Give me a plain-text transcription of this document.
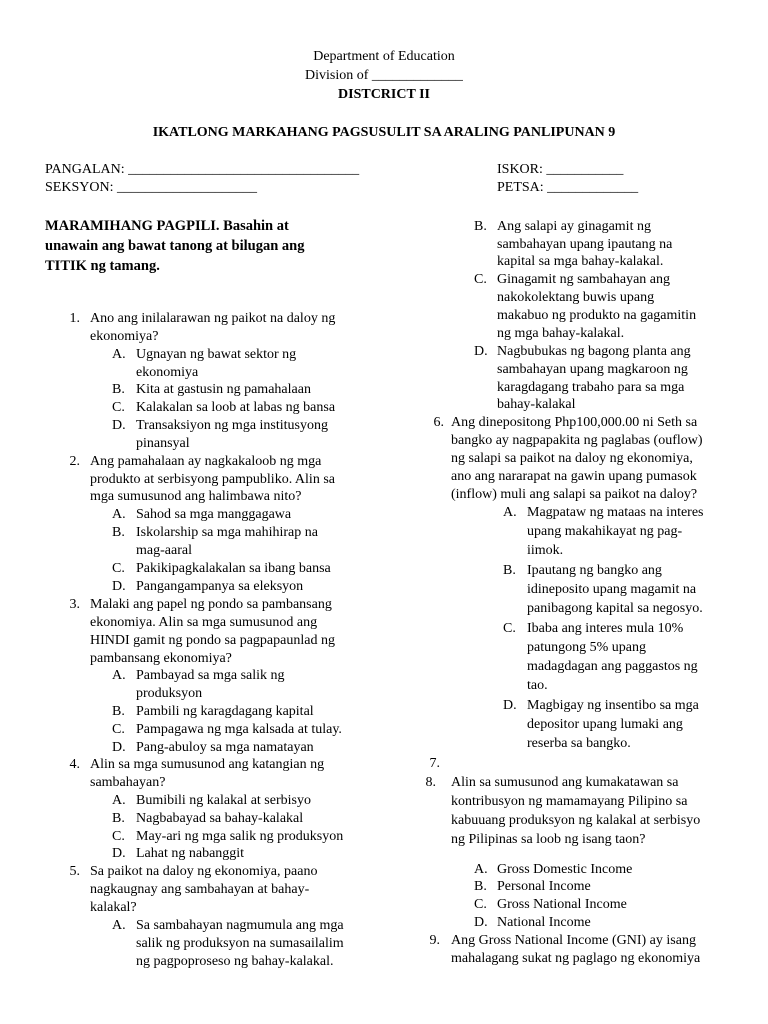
Department of Education
Division of _____________
DISTCRICT II
IKATLONG MARKAHANG PAGSUSULIT SA ARALING PANLIPUNAN 9
PANGALAN: _________________________________
SEKSYON: ____________________
ISKOR: ___________
PETSA: _____________
MARAMIHANG PAGPILI. Basahin at
unawain ang bawat tanong at bilugan ang
TITIK ng tamang.
1. Ano ang inilalarawan ng paikot na daloy ng
ekonomiya?
A. Ugnayan ng bawat sektor ng
ekonomiya
B. Kita at gastusin ng pamahalaan
C. Kalakalan sa loob at labas ng bansa
D. Transaksiyon ng mga institusyong
pinansyal
2. Ang pamahalaan ay nagkakaloob ng mga
produkto at serbisyong pampubliko. Alin sa
mga sumusunod ang halimbawa nito?
A. Sahod sa mga manggagawa
B. Iskolarship sa mga mahihirap na
mag-aaral
C. Pakikipagkalakalan sa ibang bansa
D. Pangangampanya sa eleksyon
3. Malaki ang papel ng pondo sa pambansang
ekonomiya. Alin sa mga sumusunod ang
HINDI gamit ng pondo sa pagpapaunlad ng
pambansang ekonomiya?
A. Pambayad sa mga salik ng
produksyon
B. Pambili ng karagdagang kapital
C. Pampagawa ng mga kalsada at tulay.
D. Pang-abuloy sa mga namatayan
4. Alin sa mga sumusunod ang katangian ng
sambahayan?
A. Bumibili ng kalakal at serbisyo
B. Nagbabayad sa bahay-kalakal
C. May-ari ng mga salik ng produksyon
D. Lahat ng nabanggit
5. Sa paikot na daloy ng ekonomiya, paano
nagkaugnay ang sambahayan at bahay-
kalakal?
A. Sa sambahayan nagmumula ang mga
salik ng produksyon na sumasailalim
ng pagpoproseso ng bahay-kalakal.
B. Ang salapi ay ginagamit ng
sambahayan upang ipautang na
kapital sa mga bahay-kalakal.
C. Ginagamit ng sambahayan ang
nakokolektang buwis upang
makabuo ng produkto na gagamitin
ng mga bahay-kalakal.
D. Nagbubukas ng bagong planta ang
sambahayan upang magkaroon ng
karagdagang trabaho para sa mga
bahay-kalakal
6. Ang dinepositong Php100,000.00 ni Seth sa
bangko ay nagpapakita ng paglabas (ouflow)
ng salapi sa paikot na daloy ng ekonomiya,
ano ang nararapat na gawin upang pumasok
(inflow) muli ang salapi sa paikot na daloy?
A. Magpataw ng mataas na interes
upang makahikayat ng pag-
iimok.
B. Ipautang ng bangko ang
idineposito upang magamit na
panibagong kapital sa negosyo.
C. Ibaba ang interes mula 10%
patungong 5% upang
madagdagan ang paggastos ng
tao.
D. Magbigay ng insentibo sa mga
depositor upang lumaki ang
reserba sa bangko.
7.
8. Alin sa sumusunod ang kumakatawan sa
kontribusyon ng mamamayang Pilipino sa
kabuuang produksyon ng kalakal at serbisyo
ng Pilipinas sa loob ng isang taon?
A. Gross Domestic Income
B. Personal Income
C. Gross National Income
D. National Income
9. Ang Gross National Income (GNI) ay isang
mahalagang sukat ng paglago ng ekonomiya
